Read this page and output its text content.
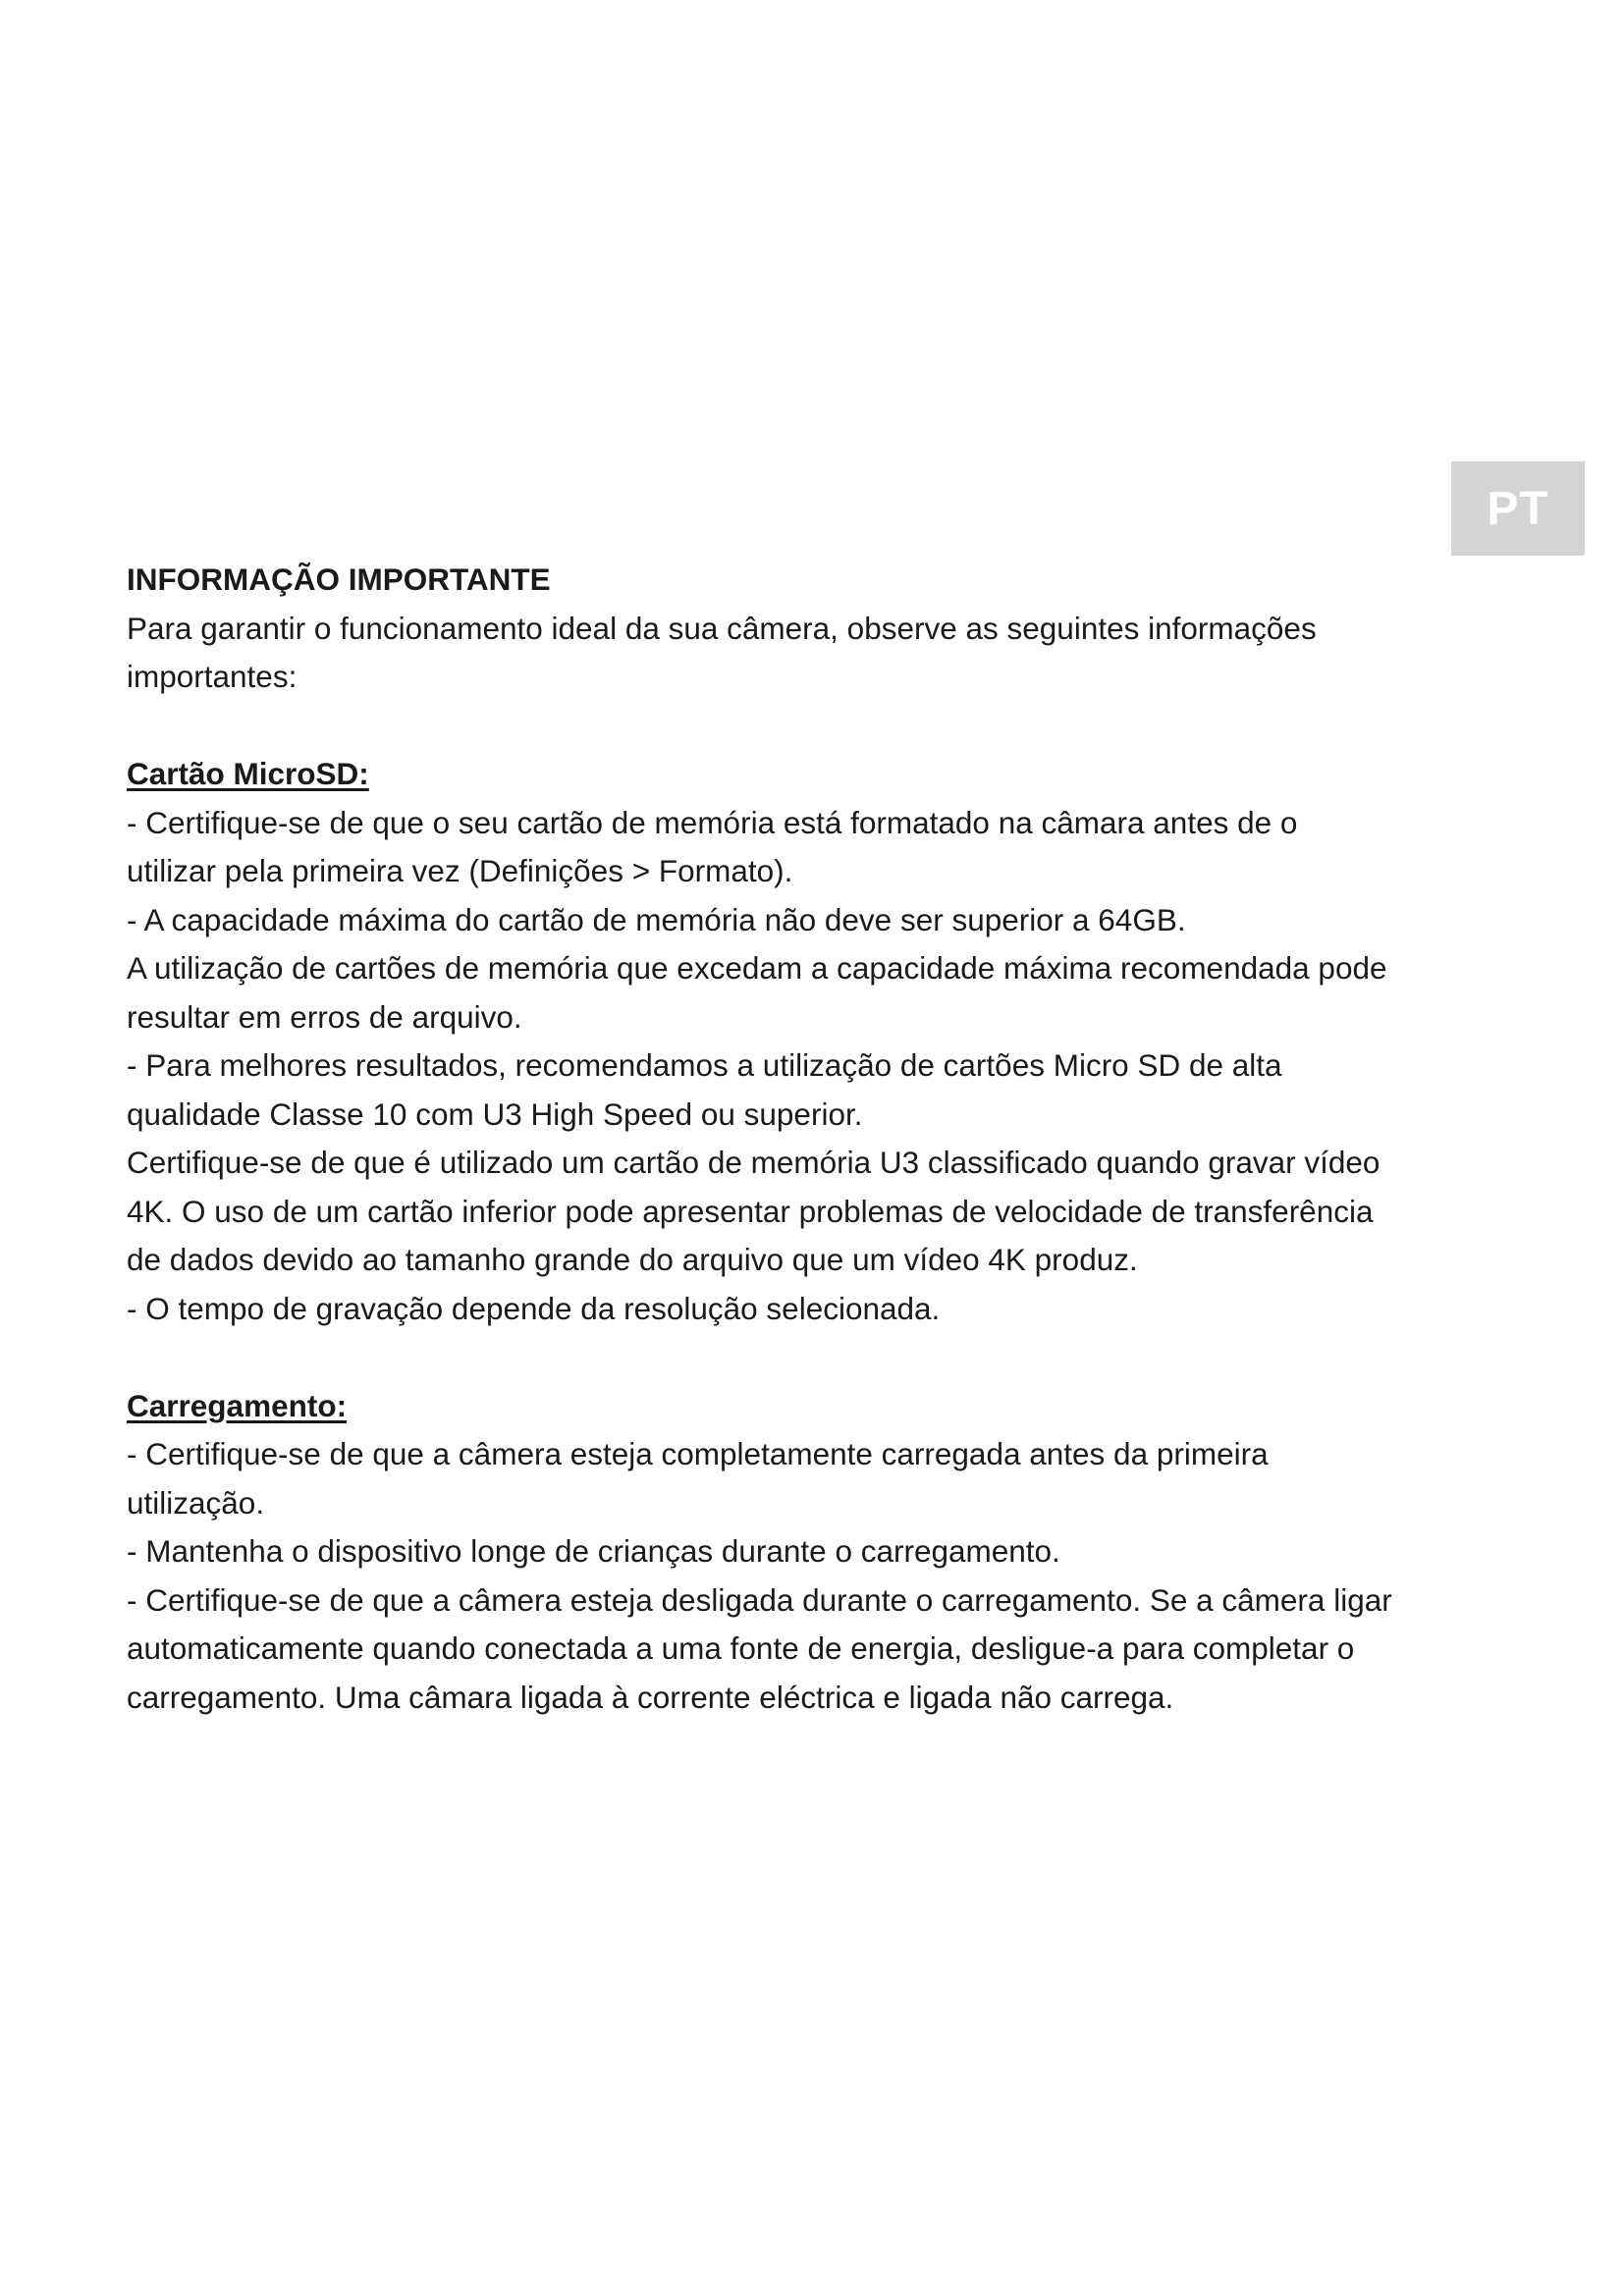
PT
INFORMAÇÃO IMPORTANTE
Para garantir o funcionamento ideal da sua câmera, observe as seguintes informações
importantes:
Cartão MicroSD:
- Certifique-se de que o seu cartão de memória está formatado na câmara antes de o
utilizar pela primeira vez (Definições > Formato).
- A capacidade máxima do cartão de memória não deve ser superior a 64GB.
A utilização de cartões de memória que excedam a capacidade máxima recomendada pode
resultar em erros de arquivo.
- Para melhores resultados, recomendamos a utilização de cartões Micro SD de alta
qualidade Classe 10 com U3 High Speed ou superior.
Certifique-se de que é utilizado um cartão de memória U3 classificado quando gravar vídeo
4K. O uso de um cartão inferior pode apresentar problemas de velocidade de transferência
de dados devido ao tamanho grande do arquivo que um vídeo 4K produz.
- O tempo de gravação depende da resolução selecionada.
Carregamento:
- Certifique-se de que a câmera esteja completamente carregada antes da primeira
utilização.
- Mantenha o dispositivo longe de crianças durante o carregamento.
- Certifique-se de que a câmera esteja desligada durante o carregamento. Se a câmera ligar
automaticamente quando conectada a uma fonte de energia, desligue-a para completar o
carregamento. Uma câmara ligada à corrente eléctrica e ligada não carrega.
